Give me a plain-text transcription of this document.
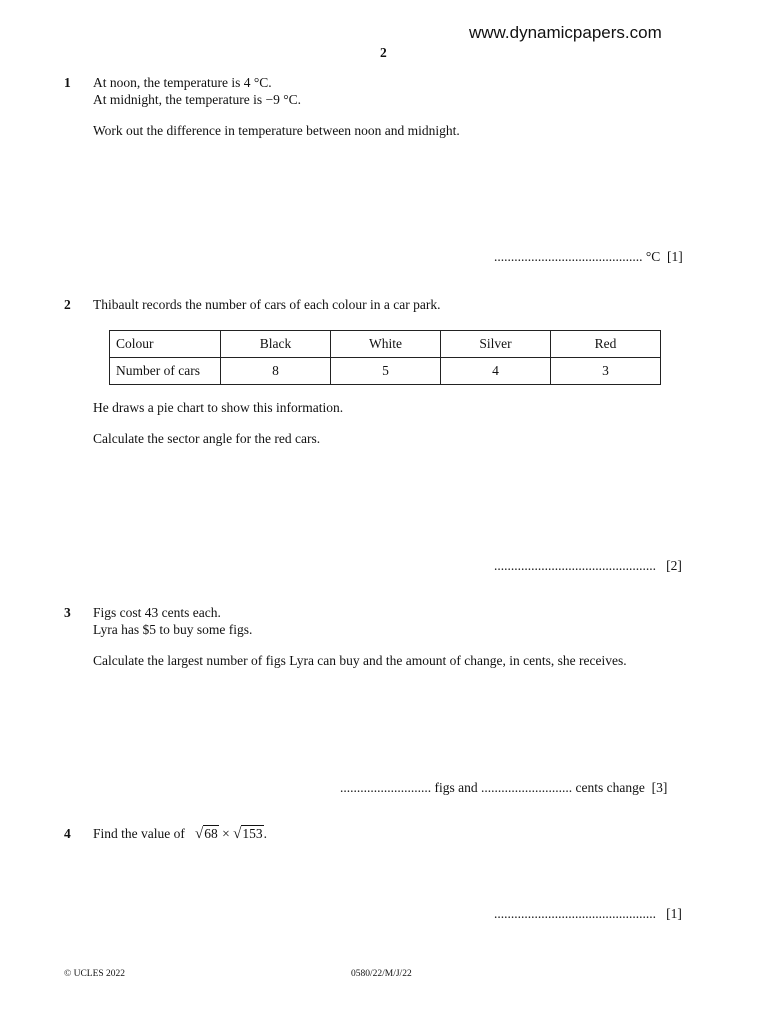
www.dynamicpapers.com
2
1 At noon, the temperature is 4 °C.
At midnight, the temperature is −9 °C.
Work out the difference in temperature between noon and midnight.
............................................ °C [1]
2 Thibault records the number of cars of each colour in a car park.
Colour	Black	White	Silver	Red
Number of cars	8	5	4	3
He draws a pie chart to show this information.
Calculate the sector angle for the red cars.
................................................ [2]
3 Figs cost 43 cents each.
Lyra has $5 to buy some figs.
Calculate the largest number of figs Lyra can buy and the amount of change, in cents, she receives.
........................... figs and ........................... cents change [3]
4 Find the value of √68 × √153.
................................................ [1]
© UCLES 2022	0580/22/M/J/22
